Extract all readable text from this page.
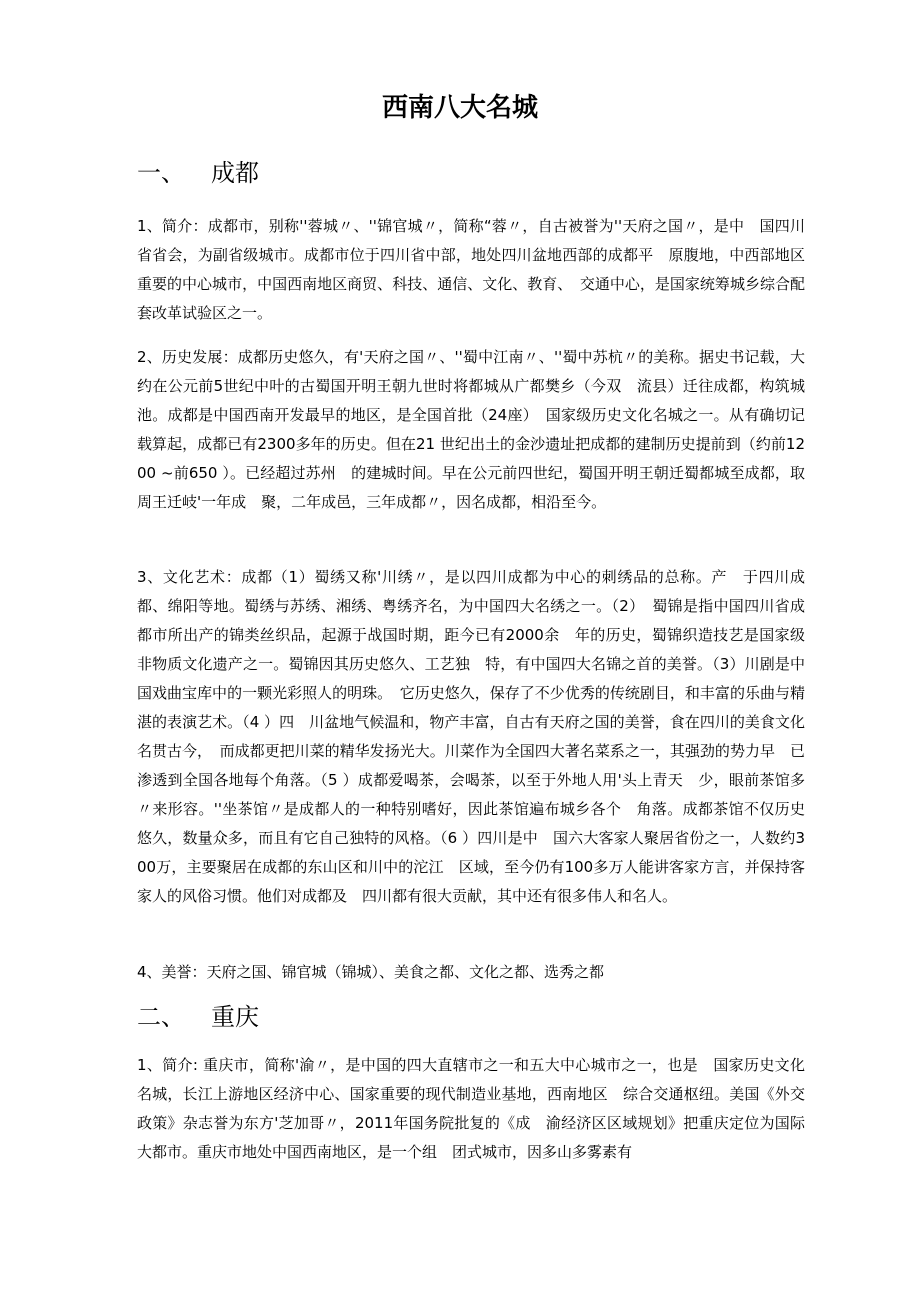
西南八大名城
一、 成都

1、简介：成都市，别称''蓉城〃、''锦官城〃，简称“蓉〃，自古被誉为''天府之国〃，是中　国四川省省会，为副省级城市。成都市位于四川省中部，地处四川盆地西部的成都平　原腹地，中西部地区重要的中心城市，中国西南地区商贸、科技、通信、文化、教育、　交通中心，是国家统筹城乡综合配套改革试验区之一。

2、历史发展：成都历史悠久，有'天府之国〃、''蜀中江南〃、''蜀中苏杭〃的美称。据史书记载，大约在公元前5世纪中叶的古蜀国开明王朝九世时将都城从广都樊乡（今双　流县）迁往成都，构筑城池。成都是中国西南开发最早的地区，是全国首批（24座）　国家级历史文化名城之一。从有确切记载算起，成都已有2300多年的历史。但在21 世纪出土的金沙遗址把成都的建制历史提前到（约前1200 ~前650 ）。已经超过苏州　的建城时间。早在公元前四世纪，蜀国开明王朝迁蜀都城至成都，取周王迁岐'一年成　聚，二年成邑，三年成都〃，因名成都，相沿至今。

3、文化艺术：成都（1）蜀绣又称'川绣〃，是以四川成都为中心的刺绣品的总称。产　于四川成都、绵阳等地。蜀绣与苏绣、湘绣、粤绣齐名，为中国四大名绣之一。（2）　蜀锦是指中国四川省成都市所出产的锦类丝织品，起源于战国时期，距今已有2000余　年的历史，蜀锦织造技艺是国家级非物质文化遗产之一。蜀锦因其历史悠久、工艺独　特，有中国四大名锦之首的美誉。（3）川剧是中国戏曲宝库中的一颗光彩照人的明珠。　它历史悠久，保存了不少优秀的传统剧目，和丰富的乐曲与精湛的表演艺术。（4 ）四　川盆地气候温和，物产丰富，自古有天府之国的美誉，食在四川的美食文化名贯古今，　而成都更把川菜的精华发扬光大。川菜作为全国四大著名菜系之一，其强劲的势力早　已渗透到全国各地每个角落。（5 ）成都爱喝茶，会喝茶，以至于外地人用'头上青天　少，眼前茶馆多〃来形容。''坐茶馆〃是成都人的一种特别嗜好，因此茶馆遍布城乡各个　角落。成都茶馆不仅历史悠久，数量众多，而且有它自己独特的风格。（6 ）四川是中　国六大客家人聚居省份之一，人数约300万，主要聚居在成都的东山区和川中的沱江　区域，至今仍有100多万人能讲客家方言，并保持客家人的风俗习惯。他们对成都及　四川都有很大贡献，其中还有很多伟人和名人。

4、美誉：天府之国、锦官城（锦城）、美食之都、文化之都、选秀之都

二、 重庆

1、简介: 重庆市，简称'渝〃，是中国的四大直辖市之一和五大中心城市之一，也是　国家历史文化名城，长江上游地区经济中心、国家重要的现代制造业基地，西南地区　综合交通枢纽。美国《外交政策》杂志誉为东方'芝加哥〃，2011年国务院批复的《成　渝经济区区域规划》把重庆定位为国际大都市。重庆市地处中国西南地区，是一个组　团式城市，因多山多雾素有
